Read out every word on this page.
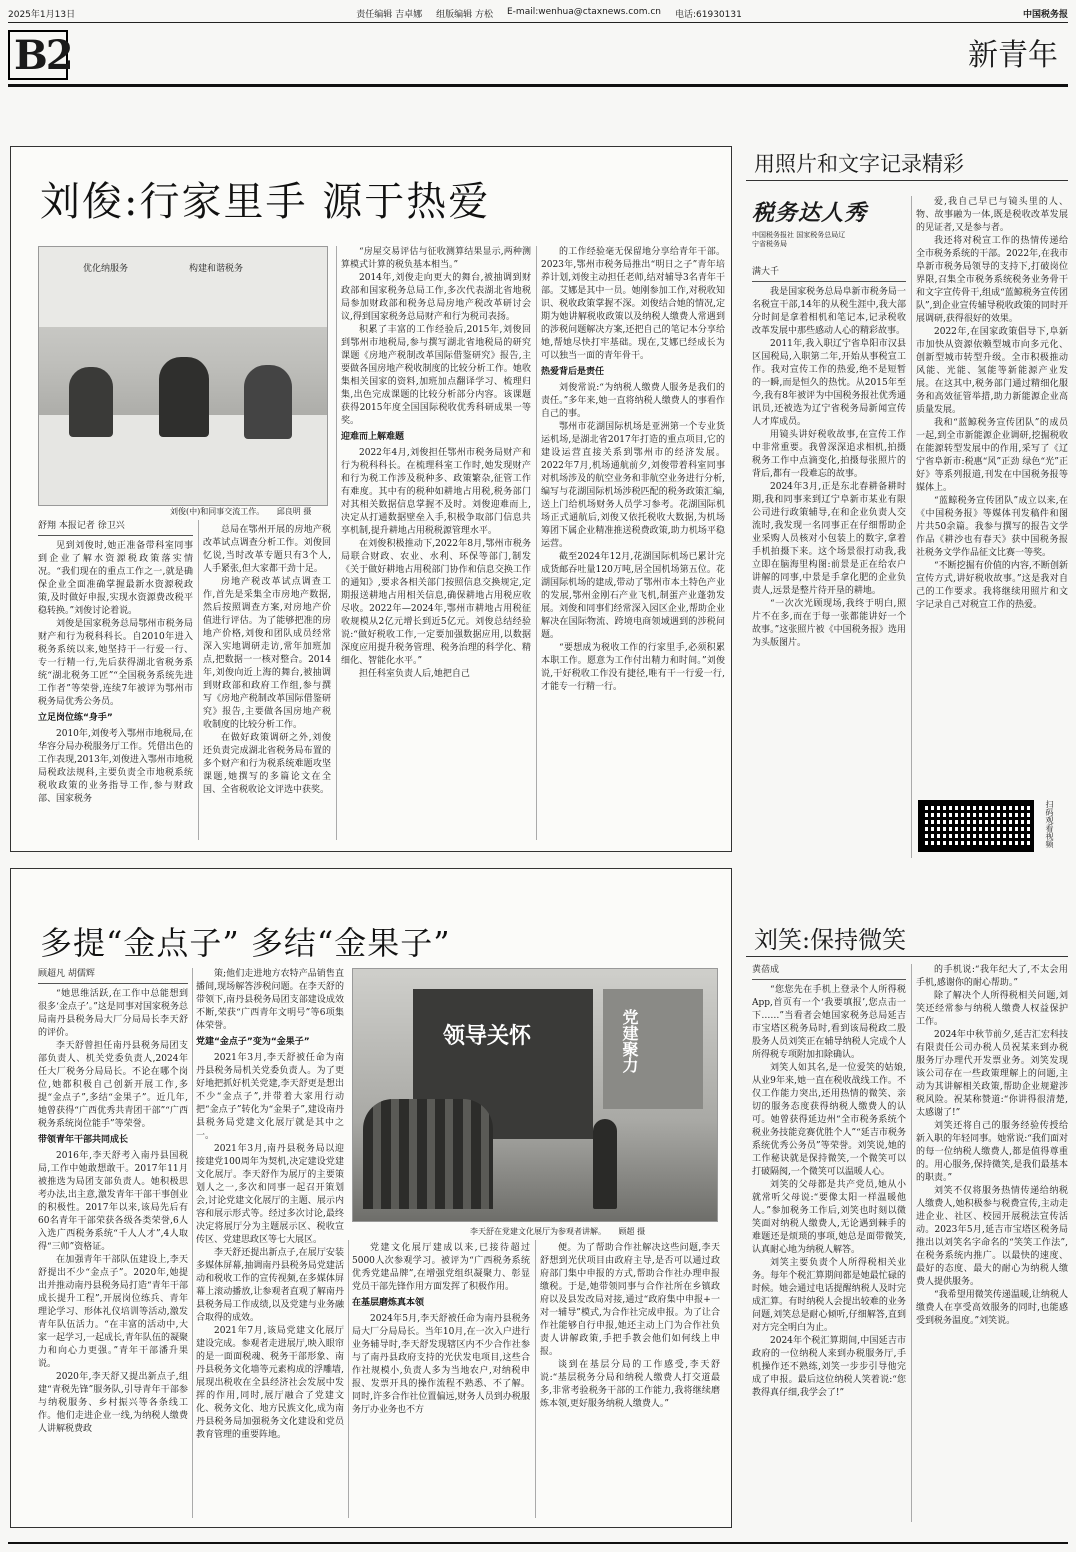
2025年1月13日	责任编辑 吉卓娜 组版编辑 方松 E-mail:wenhua@ctaxnews.com.cn 电话:61930131	中国税务报
B2	新青年
刘俊:行家里手 源于热爱
优化纳服务	构建和谐税务
刘俊(中)和同事交流工作。 邱良明 摄
舒翔 本报记者 徐卫兴

见到刘俊时,她正准备带科室同事到企业了解水资源税政策落实情况。“我们现在的重点工作之一,就是确保企业全面准确掌握最新水资源税政策,及时做好申报,实现水资源费改税平稳转换。”刘俊讨论着说。

刘俊是国家税务总局鄂州市税务局财产和行为税科科长。自2010年进入税务系统以来,她坚持干一行爱一行、专一行精一行,先后获得湖北省税务系统“湖北税务工匠”“全国税务系统先进工作者”等荣誉,连续7年被评为鄂州市税务局优秀公务员。

立足岗位练“身手”

2010年,刘俊考入鄂州市地税局,在华容分局办税服务厅工作。凭借出色的工作表现,2013年,刘俊进入鄂州市地税局税政法规科,主要负责全市地税系统税收政策的业务指导工作,参与财政部、国家税务

总局在鄂州开展的房地产税改革试点调查分析工作。刘俊回忆说,当时改革专题只有3个人,人手紧张,但大家都干劲十足。

房地产税改革试点调查工作,首先是采集全市房地产数据,然后按照调查方案,对房地产价值进行评估。为了能够把准的房地产价格,刘俊和团队成员经常深入实地调研走访,常年加班加点,把数据一一核对整合。2014年,刘俊向近上海的舞台,被抽调到财政部和政府工作组,参与撰写《房地产税制改革国际借鉴研究》报告,主要做各国房地产税收制度的比较分析工作。

在做好政策调研之外,刘俊还负责完成湖北省税务局布置的多个财产和行为税系统难题攻坚课题,她撰写的多篇论文在全国、全省税收论文评选中获奖。

“房屋交易评估与征收测算结果显示,两种测算模式计算的税负基本相当。”

2014年,刘俊走向更大的舞台,被抽调到财政部和国家税务总局工作,多次代表湖北省地税局参加财政部和税务总局房地产税改革研讨会议,得到国家税务总局财产和行为税司表扬。

积累了丰富的工作经验后,2015年,刘俊回到鄂州市地税局,参与撰写湖北省地税局的研究课题《房地产税制改革国际借鉴研究》报告,主要做各国房地产税收制度的比较分析工作。她收集相关国家的资料,加班加点翻译学习、梳理归集,出色完成课题的比较分析部分内容。该课题获得2015年度全国国际税收优秀科研成果一等奖。

迎难而上解难题

2022年4月,刘俊担任鄂州市税务局财产和行为税科科长。在梳理科室工作时,她发现财产和行为税工作涉及税种多、政策繁杂,征管工作有难度。其中有的税种如耕地占用税,税务部门对其相关数据信息掌握不及时。刘俊迎难而上,决定从打通数据壁垒入手,积极争取部门信息共享机制,提升耕地占用税税源管理水平。

在刘俊积极推动下,2022年8月,鄂州市税务局联合财政、农业、水利、环保等部门,制发《关于做好耕地占用税部门协作和信息交换工作的通知》,要求各相关部门按照信息交换规定,定期报送耕地占用相关信息,确保耕地占用税应收尽收。2022年—2024年,鄂州市耕地占用税征收规模从2亿元增长到近5亿元。刘俊总结经验说:“做好税收工作,一定要加强数据应用,以数据深度应用提升税务管理、税务治理的科学化、精细化、智能化水平。”

担任科室负责人后,她把自己

的工作经验毫无保留地分享给青年干部。2023年,鄂州市税务局推出“明日之子”青年培养计划,刘俊主动担任老师,结对辅导3名青年干部。艾娜是其中一员。她刚参加工作,对税收知识、税收政策掌握不深。刘俊结合她的情况,定期为她讲解税收政策以及纳税人缴费人常遇到的涉税问题解决方案,还把自己的笔记本分享给她,帮她尽快打牢基础。现在,艾娜已经成长为可以独当一面的青年骨干。

热爱背后是责任

刘俊常说:“为纳税人缴费人服务是我们的责任。”多年来,她一直将纳税人缴费人的事看作自己的事。

鄂州市花湖国际机场是亚洲第一个专业货运机场,是湖北省2017年打造的重点项目,它的建设运营直接关系到鄂州市的经济发展。2022年7月,机场通航前夕,刘俊带着科室同事对机场涉及的航空业务和非航空业务进行分析,编写与花湖国际机场涉税匹配的税务政策汇编,送上门给机场财务人员学习参考。花湖国际机场正式通航后,刘俊又依托税收大数据,为机场筹团下属企业精准推送税费政策,助力机场平稳运营。

截至2024年12月,花湖国际机场已累计完成货邮吞吐量120万吨,居全国机场第五位。花湖国际机场的建成,带动了鄂州市本土特色产业的发展,鄂州金刚石产业飞机,制蛋产业蓬勃发展。刘俊和同事们经常深入园区企业,帮助企业解决在国际物流、跨境电商领域遇到的涉税问题。

“要想成为税收工作的行家里手,必须积累本职工作。愿意为工作付出精力和时间。”刘俊说,干好税收工作没有捷径,唯有干一行爱一行,才能专一行精一行。

用照片和文字记录精彩
税务达人秀
中国税务报社 国家税务总局辽宁省税务局
满大千

我是国家税务总局阜新市税务局一名税宣干部,14年的从税生涯中,我大部分时间是拿着相机和笔记本,记录税收改革发展中那些感动人心的精彩故事。

2011年,我入职辽宁省阜阳市汉县区国税局,入职第二年,开始从事税宣工作。我对宣传工作的热爱,绝不是短暂的一瞬,而是恒久的热忱。从2015年至今,我有8年被评为中国税务报社优秀通讯员,还被选为辽宁省税务局新闻宣传人才库成员。

用镜头讲好税收故事,在宣传工作中非常重要。我曾深深追求相机,拍摄税务工作中点滴变化,拍摄每张照片的背后,都有一段难忘的故事。

2024年3月,正是东北春耕备耕时期,我和同事来到辽宁阜新市某业有限公司进行政策辅导,在和企业负责人交流时,我发现一名同事正在仔细帮助企业采购人员核对小包装上的数字,拿着手机拍摄下来。这个场景很打动我,我立即在脑海里构图:前景是正在给农户讲解的同事,中景是手拿化肥的企业负责人,远景是整片待开垦的耕地。

“一次次光顾现场,我终于明白,照片不在多,而在于每一张都能讲好一个故事。”这张照片被《中国税务报》选用为头版图片。

爱,我自己早已与镜头里的人、物、故事融为一体,既是税收改革发展的见证者,又是参与者。

我还将对税宣工作的热情传递给全市税务系统的干部。2022年,在我市阜新市税务局领导的支持下,打破岗位界限,召集全市税务系统税务业务骨干和文字宣传骨干,组成“蓝鲸税务宣传团队”,到企业宣传辅导税收政策的同时开展调研,获得很好的效果。

2022年,在国家政策倡导下,阜新市加快从资源依赖型城市向多元化、创新型城市转型升级。全市积极推动风能、光能、氢能等新能源产业发展。在这其中,税务部门通过精细化服务和高效征管举措,助力新能源企业高质量发展。

我和“蓝鲸税务宣传团队”的成员一起,到全市新能源企业调研,挖掘税收在能源转型发展中的作用,采写了《辽宁省阜新市:税惠“风”正劲 绿色“光”正好》等系列报道,刊发在中国税务报等媒体上。

“蓝鲸税务宣传团队”成立以来,在《中国税务报》等媒体刊发稿件和图片共50余篇。我参与撰写的报告文学作品《耕沙也有春天》获中国税务报社税务文学作品征文比赛一等奖。

“不断挖掘有价值的内容,不断创新宣传方式,讲好税收故事。”这是我对自己的工作要求。我将继续用照片和文字记录自己对税宣工作的热爱。

扫码观看视频
多提“金点子” 多结“金果子”
领导关怀	党建聚力
李天舒在党建文化展厅为参观者讲解。 顾超 摄
顾超凡 胡儒辉

“她思维活跃,在工作中总能想到很多‘金点子’。”这是同事对国家税务总局南丹县税务局大厂分局局长李天舒的评价。

李天舒曾担任南丹县税务局团支部负责人、机关党委负责人,2024年任大厂税务分局局长。不论在哪个岗位,她都积极自己创新开展工作,多提“金点子”,多结“金果子”。近几年,她曾获得“广西优秀共青团干部”“广西税务系统岗位能手”等荣誉。

带领青年干部共同成长

2016年,李天舒考入南丹县国税局,工作中她敢想敢干。2017年11月被推选为局团支部负责人。她积极思考办法,出主意,激发青年干部干事创业的积极性。2017年以来,该局先后有60名青年干部荣获各级各类荣誉,6人入选广西税务系统“千人人才”,4人取得“三师”资格证。

在加强青年干部队伍建设上,李天舒提出不少“金点子”。2020年,她提出并推动南丹县税务局打造“青年干部成长提升工程”,开展岗位练兵、青年理论学习、形体礼仪培训等活动,激发青年队伍活力。“在丰富的活动中,大家一起学习,一起成长,青年队伍的凝聚力和向心力更强。”青年干部潘升果说。

2020年,李天舒又提出新点子,组建“青税先锋”服务队,引导青年干部参与纳税服务、乡村振兴等各条线工作。他们走进企业一线,为纳税人缴费人讲解税费政

策;他们走进地方农特产品销售直播间,现场解答涉税问题。在李天舒的带领下,南丹县税务局团支部建设成效不断,荣获“广西青年文明号”等6项集体荣誉。

党建“金点子”变为“金果子”

2021年3月,李天舒被任命为南丹县税务局机关党委负责人。为了更好地把抓好机关党建,李天舒更是想出不少“金点子”,并带着大家用行动把“金点子”转化为“金果子”,建设南丹县税务局党建文化展厅就是其中之一。

2021年3月,南丹县税务局以迎接建党100周年为契机,决定建设党建文化展厅。李天舒作为展厅的主要策划人之一,多次和同事一起召开策划会,讨论党建文化展厅的主题、展示内容和展示形式等。经过多次讨论,最终决定将展厅分为主题展示区、税收宣传区、党建思政区等七大展区。

李天舒还提出新点子,在展厅安装多媒体屏幕,抽调南丹县税务局党建活动和税收工作的宣传视频,在多媒体屏幕上滚动播放,让参观者直观了解南丹县税务局工作成绩,以及党建与业务融合取得的成效。

2021年7月,该局党建文化展厅建设完成。参观者走进展厅,映入眼帘的是一面面税魂、税务干部形象、南丹县税务文化墙等元素构成的浮雕墙,展现出税收在全县经济社会发展中发挥的作用,同时,展厅融合了党建文化、税务文化、地方民族文化,成为南丹县税务局加强税务文化建设和党员教育管理的重要阵地。

党建文化展厅建成以来,已接待超过5000人次参观学习。被评为“广西税务系统优秀党建品牌”,在增强党组织凝聚力、彰显党员干部先锋作用方面发挥了积极作用。

在基层磨炼真本领

2024年5月,李天舒被任命为南丹县税务局大厂分局局长。当年10月,在一次入户进行业务辅导时,李天舒发现辖区内不少合作社参与了南丹县政府支持的光伏发电项目,这些合作社规模小,负责人多为当地农户,对纳税申报、发票开具的操作流程不熟悉、不了解。同时,许多合作社位置偏远,财务人员到办税服务厅办业务也不方

便。为了帮助合作社解决这些问题,李天舒想到光伏项目由政府主导,是否可以通过政府部门集中申报的方式,帮助合作社办理申报缴税。于是,她带领同事与合作社所在乡镇政府以及县发改局对接,通过“政府集中申报+一对一辅导”模式,为合作社完成申报。为了让合作社能够自行申报,她还主动上门为合作社负责人讲解政策,手把手教会他们如何线上申报。

谈到在基层分局的工作感受,李天舒说:“基层税务分局和纳税人缴费人打交道最多,非常考验税务干部的工作能力,我将继续磨炼本领,更好服务纳税人缴费人。”

刘笑:保持微笑
黄蓓成

“您您先在手机上登录个人所得税App,首页有一个‘我要填报’,您点击一下……”当看者会她国家税务总局延吉市宝塔区税务局时,看到该局税政二股股务人员刘笑正在辅导纳税人完成个人所得税专项附加扣除确认。

刘笑人如其名,是一位爱笑的姑娘,从业9年来,她一直在税收战线工作。不仅工作能力突出,还用热情的微笑、亲切的服务态度获得纳税人缴费人的认可。她曾获得延边州“全市税务系统个税业务技能竞赛优胜个人”“延吉市税务系统优秀公务员”等荣誉。刘笑说,她的工作秘诀就是保持微笑,一个微笑可以打破隔阂,一个微笑可以温暖人心。

刘笑的父母都是共产党员,她从小就常听父母说:“要像太阳一样温暖他人。”参加税务工作后,刘笑也时刻以微笑面对纳税人缴费人,无论遇到棘手的难题还是烦琐的事项,她总是面带微笑,认真耐心地为纳税人解答。

刘笑主要负责个人所得税相关业务。每年个税汇算期间都是她最忙碌的时候。她会通过电话提醒纳税人及时完成汇算。有时纳税人会提出较难的业务问题,刘笑总是耐心倾听,仔细解答,直到对方完全明白为止。

2024年个税汇算期间,中国延吉市政府的一位纳税人来到办税服务厅,手机操作还不熟练,刘笑一步步引导他完成了申报。最后这位纳税人笑着说:“您教得真仔细,我学会了!”

的手机说:“我年纪大了,不太会用手机,感谢你的耐心帮助。”

除了解决个人所得税相关问题,刘笑还经常参与纳税人缴费人权益保护工作。

2024年中秋节前夕,延吉汇宏科技有限责任公司办税人员祝某来到办税服务厅办理代开发票业务。刘笑发现该公司存在一些政策理解上的问题,主动为其讲解相关政策,帮助企业规避涉税风险。祝某称赞道:“你讲得很清楚,太感谢了!”

刘笑还将自己的服务经验传授给新入职的年轻同事。她常说:“我们面对的每一位纳税人缴费人,都是值得尊重的。用心服务,保持微笑,是我们最基本的职责。”

刘笑不仅将服务热情传递给纳税人缴费人,她积极参与税费宣传,主动走进企业、社区、校园开展税法宣传活动。2023年5月,延吉市宝塔区税务局推出以刘笑名字命名的“笑笑工作法”,在税务系统内推广。以最快的速度、最好的态度、最大的耐心为纳税人缴费人提供服务。

“我希望用微笑传递温暖,让纳税人缴费人在享受高效服务的同时,也能感受到税务温度。”刘笑说。
